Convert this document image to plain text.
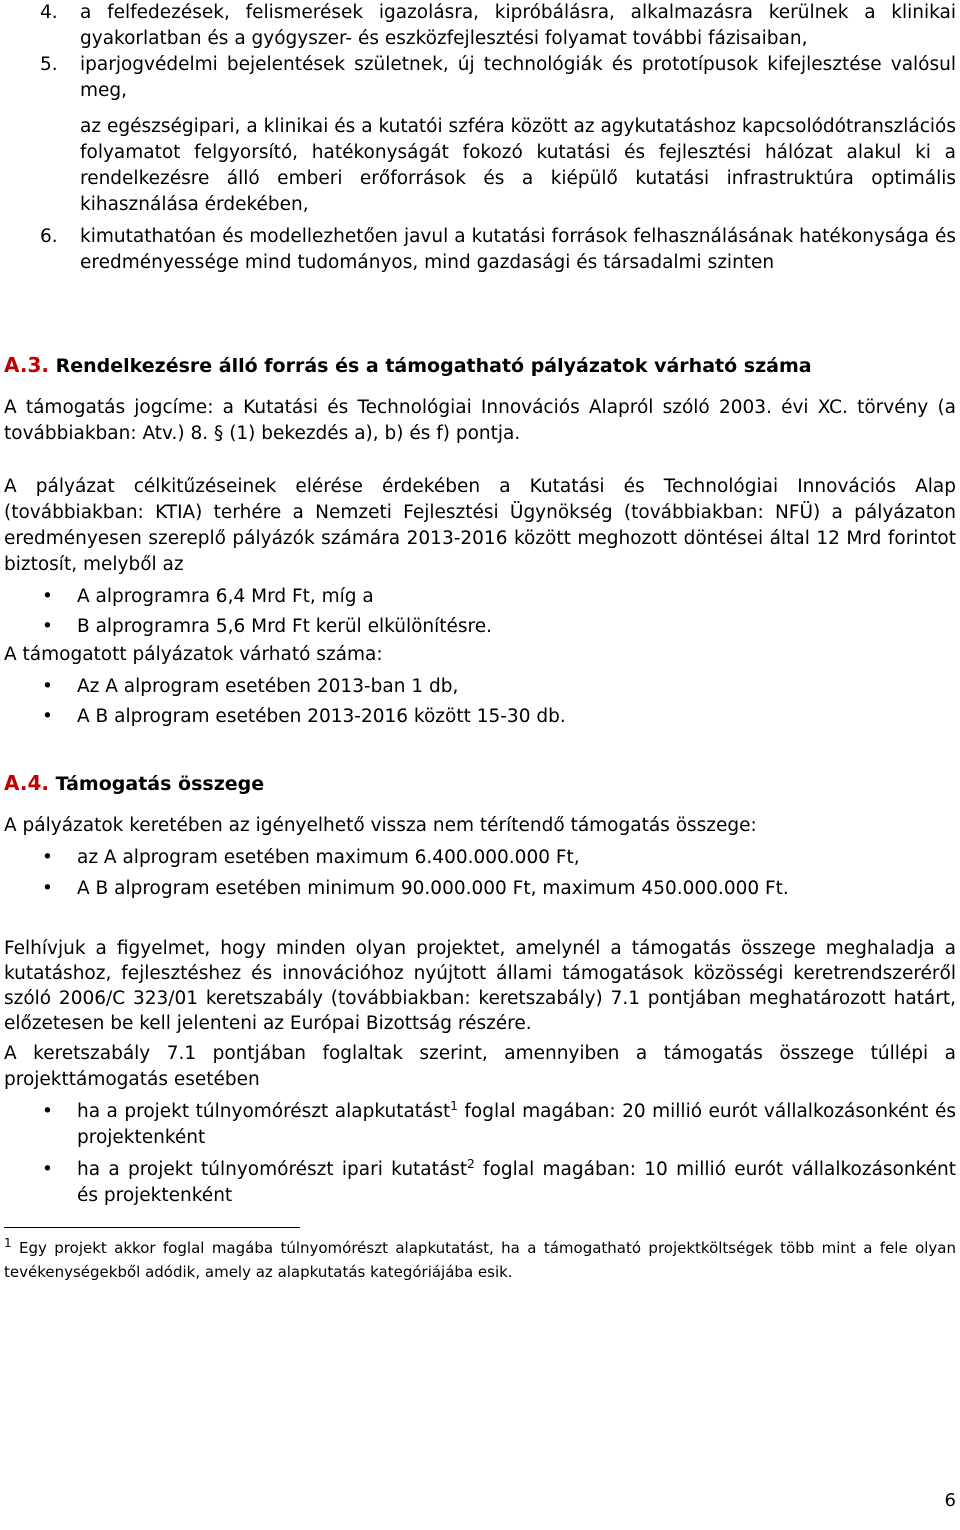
4. a felfedezések, felismerések igazolásra, kipróbálásra, alkalmazásra kerülnek a klinikai gyakorlatban és a gyógyszer- és eszközfejlesztési folyamat további fázisaiban,
5. iparjogvédelmi bejelentések születnek, új technológiák és prototípusok kifejlesztése valósul meg,

az egészségipari, a klinikai és a kutatói szféra között az agykutatáshoz kapcsolódótranszlációs folyamatot felgyorsító, hatékonyságát fokozó kutatási és fejlesztési hálózat alakul ki a rendelkezésre álló emberi erőforrások és a kiépülő kutatási infrastruktúra optimális kihasználása érdekében,

6. kimutathatóan és modellezhetően javul a kutatási források felhasználásának hatékonysága és eredményessége mind tudományos, mind gazdasági és társadalmi szinten
A.3. Rendelkezésre álló forrás és a támogatható pályázatok várható száma

A támogatás jogcíme: a Kutatási és Technológiai Innovációs Alapról szóló 2003. évi XC. törvény (a továbbiakban: Atv.) 8. § (1) bekezdés a), b) és f) pontja.

A pályázat célkitűzéseinek elérése érdekében a Kutatási és Technológiai Innovációs Alap (továbbiakban: KTIA) terhére a Nemzeti Fejlesztési Ügynökség (továbbiakban: NFÜ) a pályázaton eredményesen szereplő pályázók számára 2013-2016 között meghozott döntései által 12 Mrd forintot biztosít, melyből az

• A alprogramra 6,4 Mrd Ft, míg a
• B alprogramra 5,6 Mrd Ft kerül elkülönítésre.

A támogatott pályázatok várható száma:

• Az A alprogram esetében 2013-ban 1 db,
• A B alprogram esetében 2013-2016 között 15-30 db.
A.4. Támogatás összege

A pályázatok keretében az igényelhető vissza nem térítendő támogatás összege:

• az A alprogram esetében maximum 6.400.000.000 Ft,
• A B alprogram esetében minimum 90.000.000 Ft, maximum 450.000.000 Ft.

Felhívjuk a figyelmet, hogy minden olyan projektet, amelynél a támogatás összege meghaladja a kutatáshoz, fejlesztéshez és innovációhoz nyújtott állami támogatások közösségi keretrendszeréről szóló 2006/C 323/01 keretszabály (továbbiakban: keretszabály) 7.1 pontjában meghatározott határt, előzetesen be kell jelenteni az Európai Bizottság részére.

A keretszabály 7.1 pontjában foglaltak szerint, amennyiben a támogatás összege túllépi a projekttámogatás esetében

• ha a projekt túlnyomórészt alapkutatást$^1$ foglal magában: 20 millió eurót vállalkozásonként és projektenként
• ha a projekt túlnyomórészt ipari kutatást$^2$ foglal magában: 10 millió eurót vállalkozásonként és projektenként

$^1$ Egy projekt akkor foglal magába túlnyomórészt alapkutatást, ha a támogatható projektköltségek több mint a fele olyan tevékenységekből adódik, amely az alapkutatás kategóriájába esik.

6
